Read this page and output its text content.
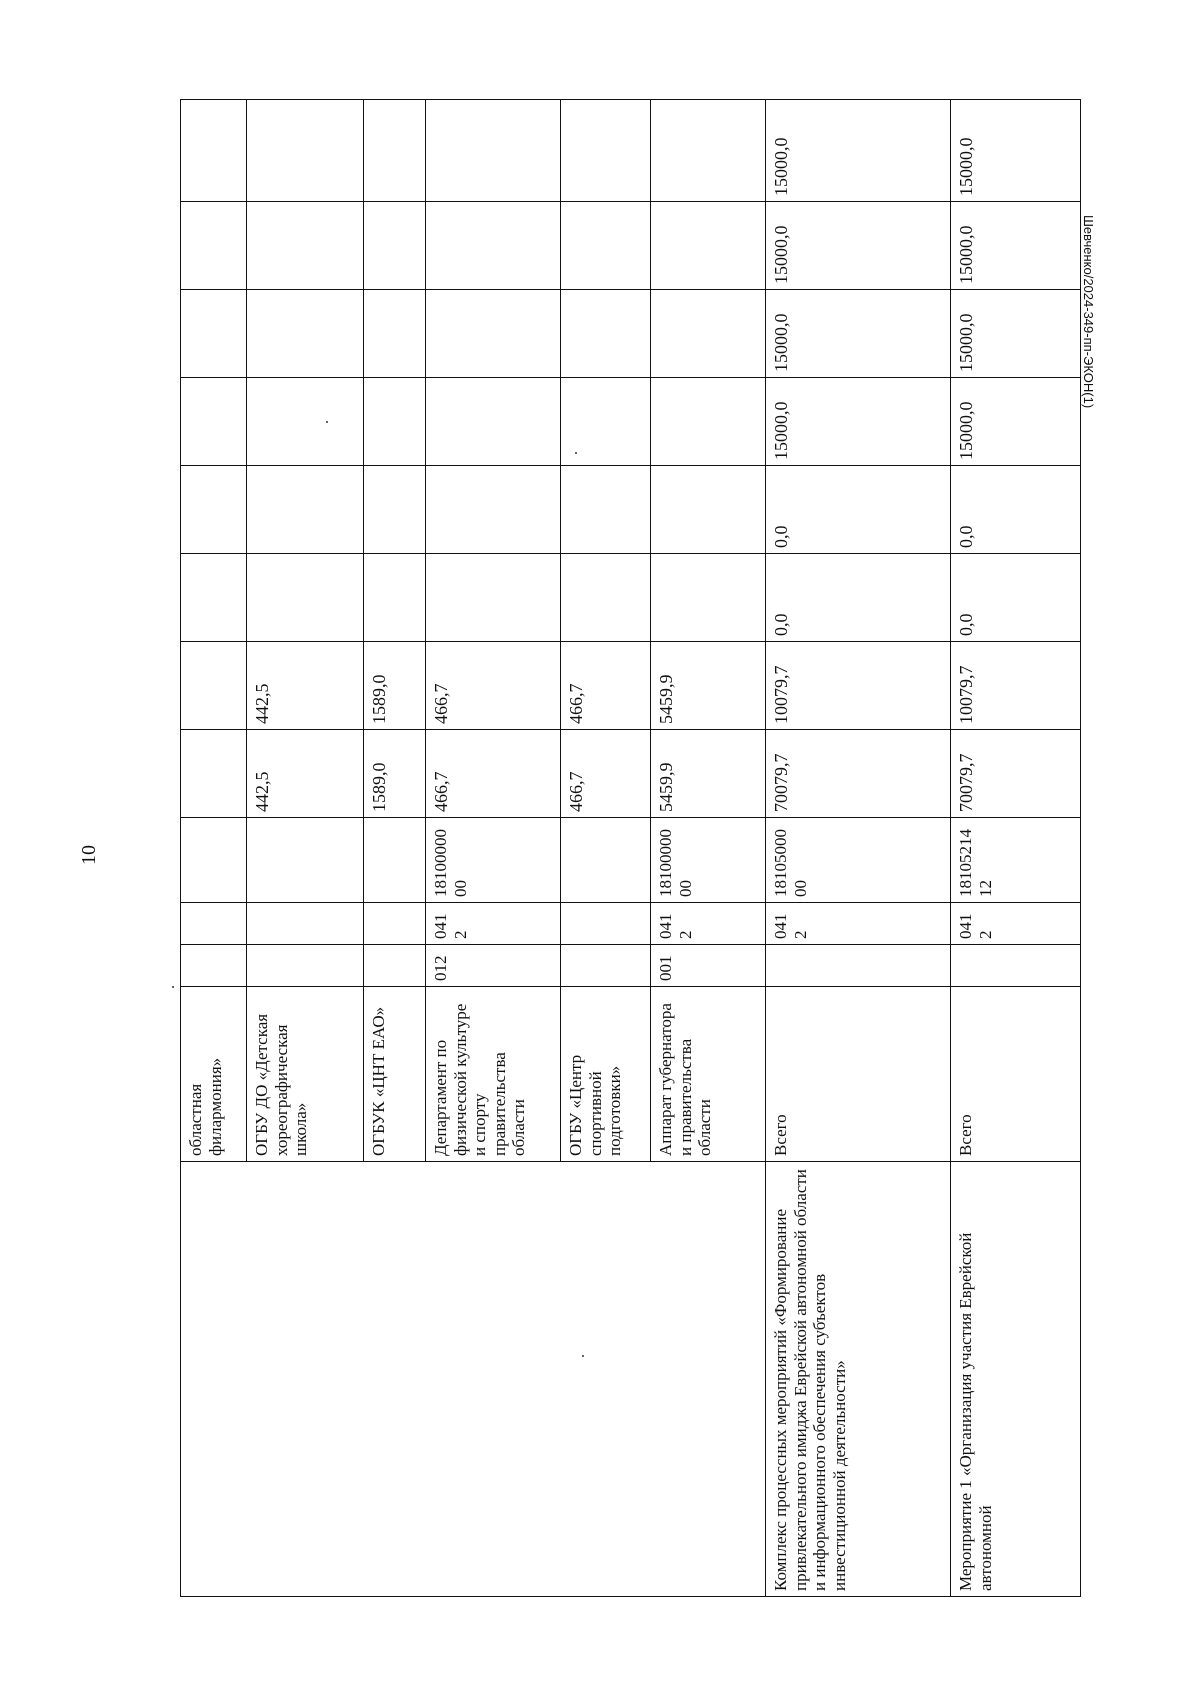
10
Шевченко/2024-349-пп-ЭКОН(1)
	областная филармония»											
	ОГБУ ДО «Детская хореографическая школа»				442,5	442,5						
	ОГБУК «ЦНТ ЕАО»				1589,0	1589,0						
	Департамент по физической культуре и спорту правительства области	012	0412	1810000000	466,7	466,7						
	ОГБУ «Центр спортивной подготовки»				466,7	466,7						
	Аппарат губернатора и правительства области	001	0412	1810000000	5459,9	5459,9						
Комплекс процессных мероприятий «Формирование привлекательного имиджа Еврейской автономной области и информационного обеспечения субъектов инвестиционной деятельности»	Всего		0412	1810500000	70079,7	10079,7	0,0	0,0	15000,0	15000,0	15000,0	15000,0
Мероприятие 1 «Организация участия Еврейской автономной	Всего		0412	1810521412	70079,7	10079,7	0,0	0,0	15000,0	15000,0	15000,0	15000,0
